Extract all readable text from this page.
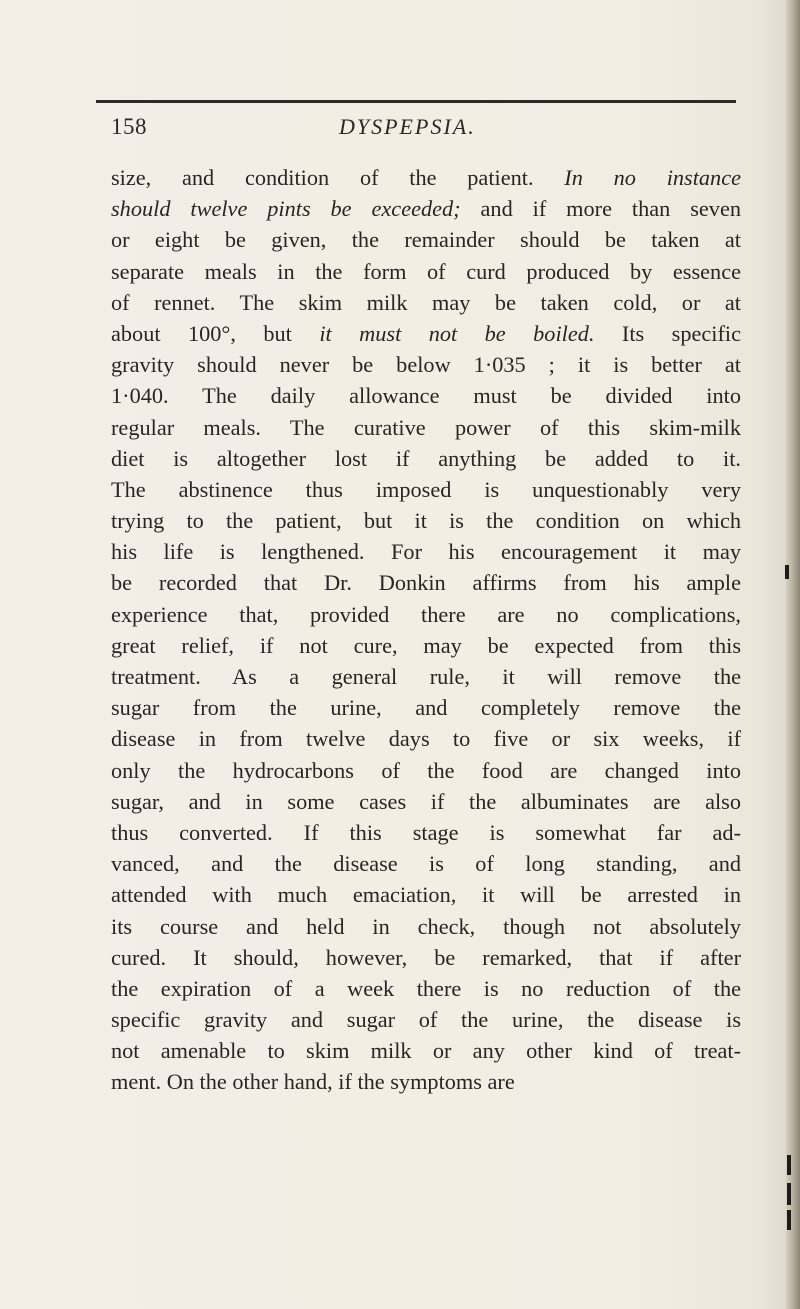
158	DYSPEPSIA.
size, and condition of the patient. In no instance
should twelve pints be exceeded; and if more than seven
or eight be given, the remainder should be taken at
separate meals in the form of curd produced by essence
of rennet. The skim milk may be taken cold, or at
about 100°, but it must not be boiled. Its specific
gravity should never be below 1·035 ; it is better at
1·040. The daily allowance must be divided into
regular meals. The curative power of this skim-milk
diet is altogether lost if anything be added to it.
The abstinence thus imposed is unquestionably very
trying to the patient, but it is the condition on which
his life is lengthened. For his encouragement it may
be recorded that Dr. Donkin affirms from his ample
experience that, provided there are no complications,
great relief, if not cure, may be expected from this
treatment. As a general rule, it will remove the
sugar from the urine, and completely remove the
disease in from twelve days to five or six weeks, if
only the hydrocarbons of the food are changed into
sugar, and in some cases if the albuminates are also
thus converted. If this stage is somewhat far ad-
vanced, and the disease is of long standing, and
attended with much emaciation, it will be arrested in
its course and held in check, though not absolutely
cured. It should, however, be remarked, that if after
the expiration of a week there is no reduction of the
specific gravity and sugar of the urine, the disease is
not amenable to skim milk or any other kind of treat-
ment. On the other hand, if the symptoms are
